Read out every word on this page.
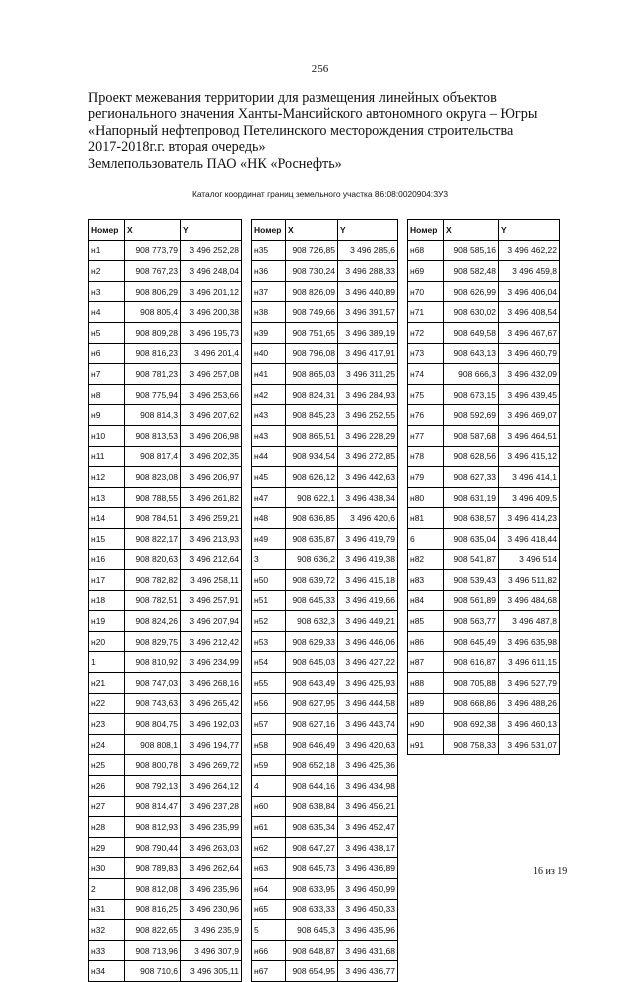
256
Проект межевания территории для размещения линейных объектов
регионального значения Ханты-Мансийского автономного округа – Югры
«Напорный нефтепровод Петелинского месторождения строительства
2017-2018г.г. вторая очередь»
Землепользователь ПАО «НК «Роснефть»
Каталог координат границ земельного участка 86:08:0020904:ЗУ3
Номер	X	Y
н1	908 773,79	3 496 252,28
н2	908 767,23	3 496 248,04
н3	908 806,29	3 496 201,12
н4	908 805,4	3 496 200,38
н5	908 809,28	3 496 195,73
н6	908 816,23	3 496 201,4
н7	908 781,23	3 496 257,08
н8	908 775,94	3 496 253,66
н9	908 814,3	3 496 207,62
н10	908 813,53	3 496 206,98
н11	908 817,4	3 496 202,35
н12	908 823,08	3 496 206,97
н13	908 788,55	3 496 261,82
н14	908 784,51	3 496 259,21
н15	908 822,17	3 496 213,93
н16	908 820,63	3 496 212,64
н17	908 782,82	3 496 258,11
н18	908 782,51	3 496 257,91
н19	908 824,26	3 496 207,94
н20	908 829,75	3 496 212,42
1	908 810,92	3 496 234,99
н21	908 747,03	3 496 268,16
н22	908 743,63	3 496 265,42
н23	908 804,75	3 496 192,03
н24	908 808,1	3 496 194,77
н25	908 800,78	3 496 269,72
н26	908 792,13	3 496 264,12
н27	908 814,47	3 496 237,28
н28	908 812,93	3 496 235,99
н29	908 790,44	3 496 263,03
н30	908 789,83	3 496 262,64
2	908 812,08	3 496 235,96
н31	908 816,25	3 496 230,96
н32	908 822,65	3 496 235,9
н33	908 713,96	3 496 307,9
н34	908 710,6	3 496 305,11
Номер	X	Y
н35	908 726,85	3 496 285,6
н36	908 730,24	3 496 288,33
н37	908 826,09	3 496 440,89
н38	908 749,66	3 496 391,57
н39	908 751,65	3 496 389,19
н40	908 796,08	3 496 417,91
н41	908 865,03	3 496 311,25
н42	908 824,31	3 496 284,93
н43	908 845,23	3 496 252,55
н43	908 865,51	3 496 228,29
н44	908 934,54	3 496 272,85
н45	908 626,12	3 496 442,63
н47	908 622,1	3 496 438,34
н48	908 636,85	3 496 420,6
н49	908 635,87	3 496 419,79
3	908 636,2	3 496 419,38
н50	908 639,72	3 496 415,18
н51	908 645,33	3 496 419,66
н52	908 632,3	3 496 449,21
н53	908 629,33	3 496 446,06
н54	908 645,03	3 496 427,22
н55	908 643,49	3 496 425,93
н56	908 627,95	3 496 444,58
н57	908 627,16	3 496 443,74
н58	908 646,49	3 496 420,63
н59	908 652,18	3 496 425,36
4	908 644,16	3 496 434,98
н60	908 638,84	3 496 456,21
н61	908 635,34	3 496 452,47
н62	908 647,27	3 496 438,17
н63	908 645,73	3 496 436,89
н64	908 633,95	3 496 450,99
н65	908 633,33	3 496 450,33
5	908 645,3	3 496 435,96
н66	908 648,87	3 496 431,68
н67	908 654,95	3 496 436,77
Номер	X	Y
н68	908 585,16	3 496 462,22
н69	908 582,48	3 496 459,8
н70	908 626,99	3 496 406,04
н71	908 630,02	3 496 408,54
н72	908 649,58	3 496 467,67
н73	908 643,13	3 496 460,79
н74	908 666,3	3 496 432,09
н75	908 673,15	3 496 439,45
н76	908 592,69	3 496 469,07
н77	908 587,68	3 496 464,51
н78	908 628,56	3 496 415,12
н79	908 627,33	3 496 414,1
н80	908 631,19	3 496 409,5
н81	908 638,57	3 496 414,23
6	908 635,04	3 496 418,44
н82	908 541,87	3 496 514
н83	908 539,43	3 496 511,82
н84	908 561,89	3 496 484,68
н85	908 563,77	3 496 487,8
н86	908 645,49	3 496 635,98
н87	908 616,87	3 496 611,15
н88	908 705,88	3 496 527,79
н89	908 668,86	3 496 488,26
н90	908 692,38	3 496 460,13
н91	908 758,33	3 496 531,07
16 из 19
